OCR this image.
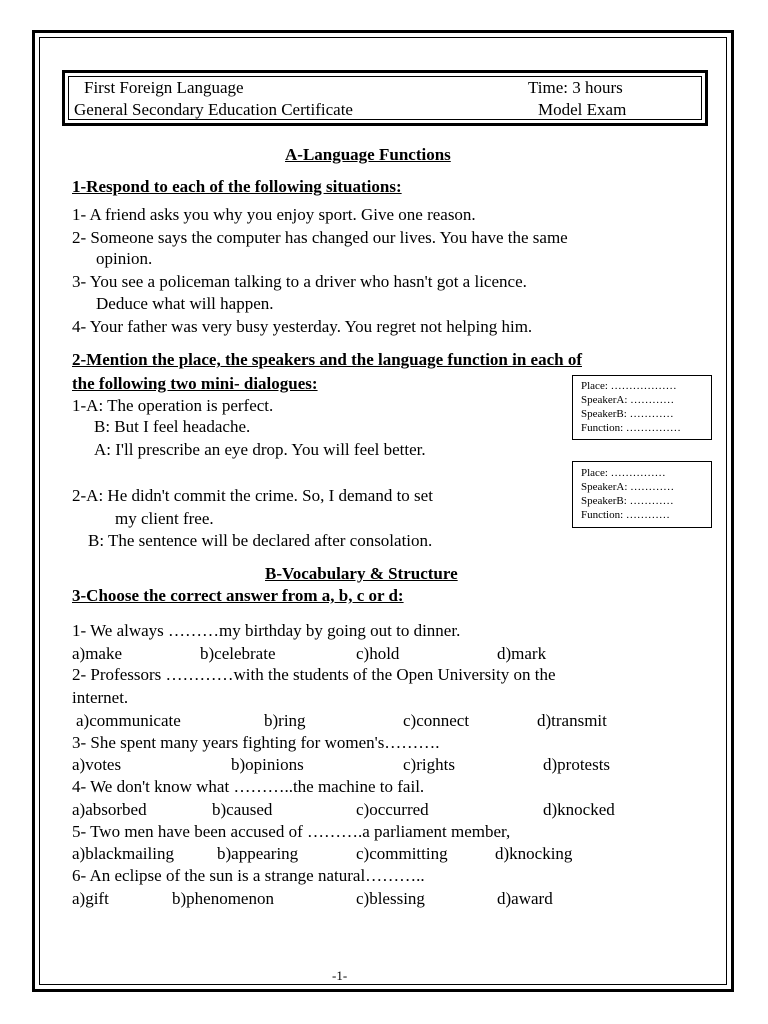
First Foreign Language	Time: 3 hours
General Secondary Education Certificate	Model Exam
A-Language Functions
1-Respond to each of the following situations:
1- A friend asks you why you enjoy sport. Give one reason.
2- Someone says the computer has changed our lives. You have the same
opinion.
3- You see a policeman talking to a driver who hasn't got a licence.
Deduce what will happen.
4- Your father was very busy yesterday. You regret not helping him.
2-Mention the place, the speakers and the language function in each of
the following two mini- dialogues:
1-A: The operation is perfect.
B: But I feel headache.
A: I'll prescribe an eye drop. You will feel better.
2-A: He didn't commit the crime. So, I demand to set
my client free.
B: The sentence will be declared after consolation.
Place: ………………
SpeakerA: …………
SpeakerB: …………
Function: ……………
Place: ……………
SpeakerA: …………
SpeakerB: …………
Function: …………
B-Vocabulary & Structure
3-Choose the correct answer from a, b, c or d:
1- We always ………my birthday by going out to dinner.
a)make	b)celebrate	c)hold	d)mark
2- Professors …………with the students of the Open University on the
internet.
a)communicate	b)ring	c)connect	d)transmit
3- She spent many years fighting for women's……….
a)votes	b)opinions	c)rights	d)protests
4- We don't know what ………..the machine to fail.
a)absorbed	b)caused	c)occurred	d)knocked
5- Two men have been accused of ……….a parliament member,
a)blackmailing	b)appearing	c)committing	d)knocking
6- An eclipse of the sun is a strange natural………..
a)gift	b)phenomenon	c)blessing	d)award
-1-
